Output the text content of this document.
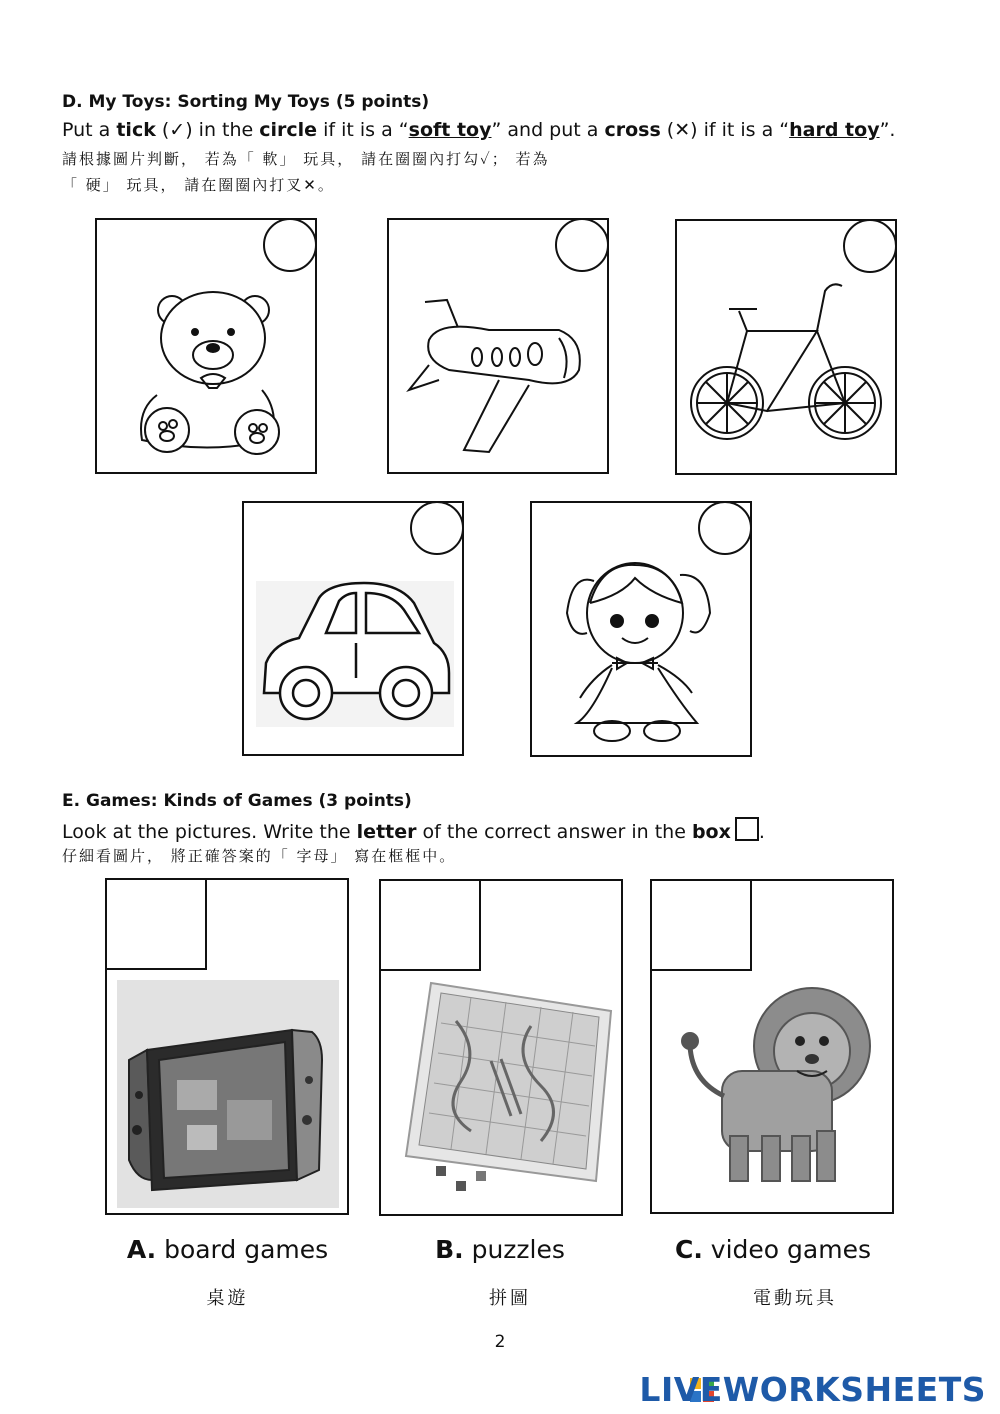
D. My Toys: Sorting My Toys (5 points)
Put a tick (✓) in the circle if it is a “soft toy” and put a cross (✕) if it is a “hard toy”.
請根據圖片判斷， 若為「 軟」 玩具， 請在圈圈內打勾✓； 若為
「 硬」 玩具， 請在圈圈內打叉✕。
E. Games: Kinds of Games (3 points)
Look at the pictures. Write the letter of the correct answer in the box .
仔細看圖片， 將正確答案的「 字母」 寫在框框中。
A. board games	B. puzzles	C. video games
桌遊	拼圖	電動玩具
2
LIVEWORKSHEETS
